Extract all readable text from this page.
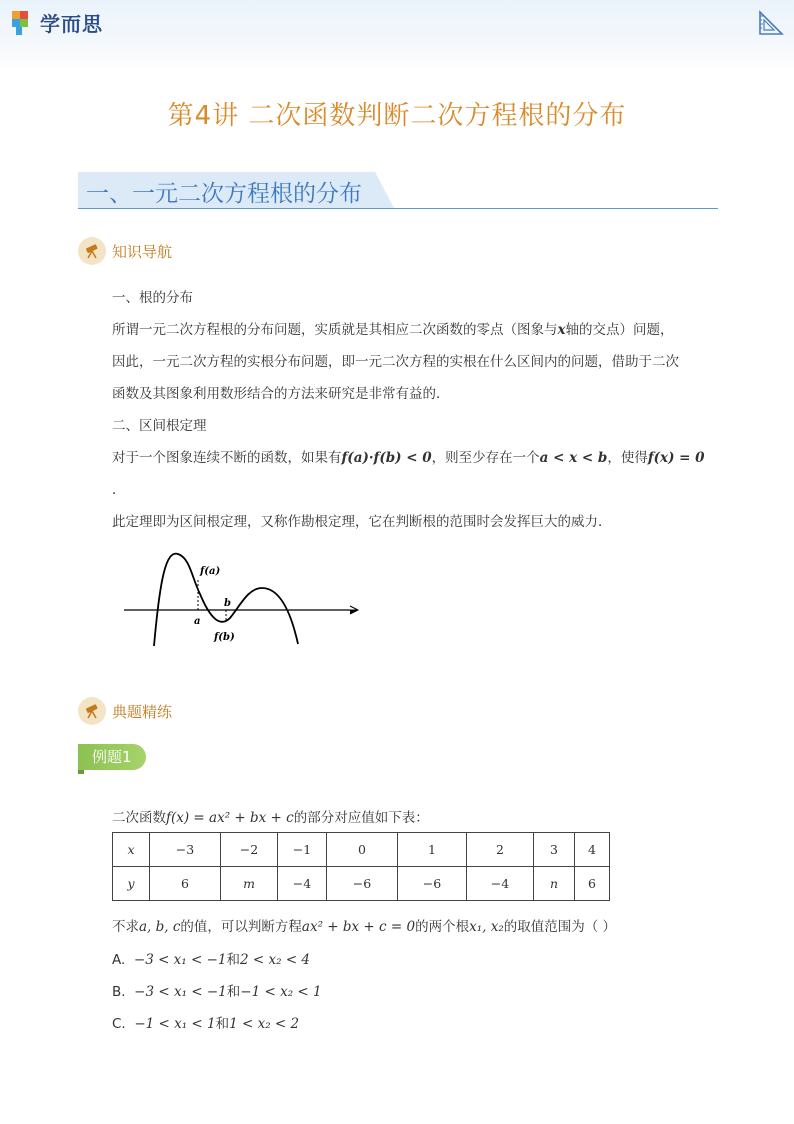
学而思
第4讲 二次函数判断二次方程根的分布
一、一元二次方程根的分布
知识导航
一、根的分布
所谓一元二次方程根的分布问题，实质就是其相应二次函数的零点（图象与x轴的交点）问题，
因此，一元二次方程的实根分布问题，即一元二次方程的实根在什么区间内的问题，借助于二次
函数及其图象利用数形结合的方法来研究是非常有益的．
二、区间根定理
对于一个图象连续不断的函数，如果有f(a)·f(b) < 0，则至少存在一个a < x < b，使得f(x) = 0
．
此定理即为区间根定理，又称作勘根定理，它在判断根的范围时会发挥巨大的威力．
f(a)
a
b
f(b)
典题精练
例题1
二次函数f(x) = ax² + bx + c的部分对应值如下表：
x	−3	−2	−1	0	1	2	3	4
y	6	m	−4	−6	−6	−4	n	6
不求a, b, c的值，可以判断方程ax² + bx + c = 0的两个根x₁, x₂的取值范围为（ ）
A. −3 < x₁ < −1和2 < x₂ < 4
B. −3 < x₁ < −1和−1 < x₂ < 1
C. −1 < x₁ < 1和1 < x₂ < 2
